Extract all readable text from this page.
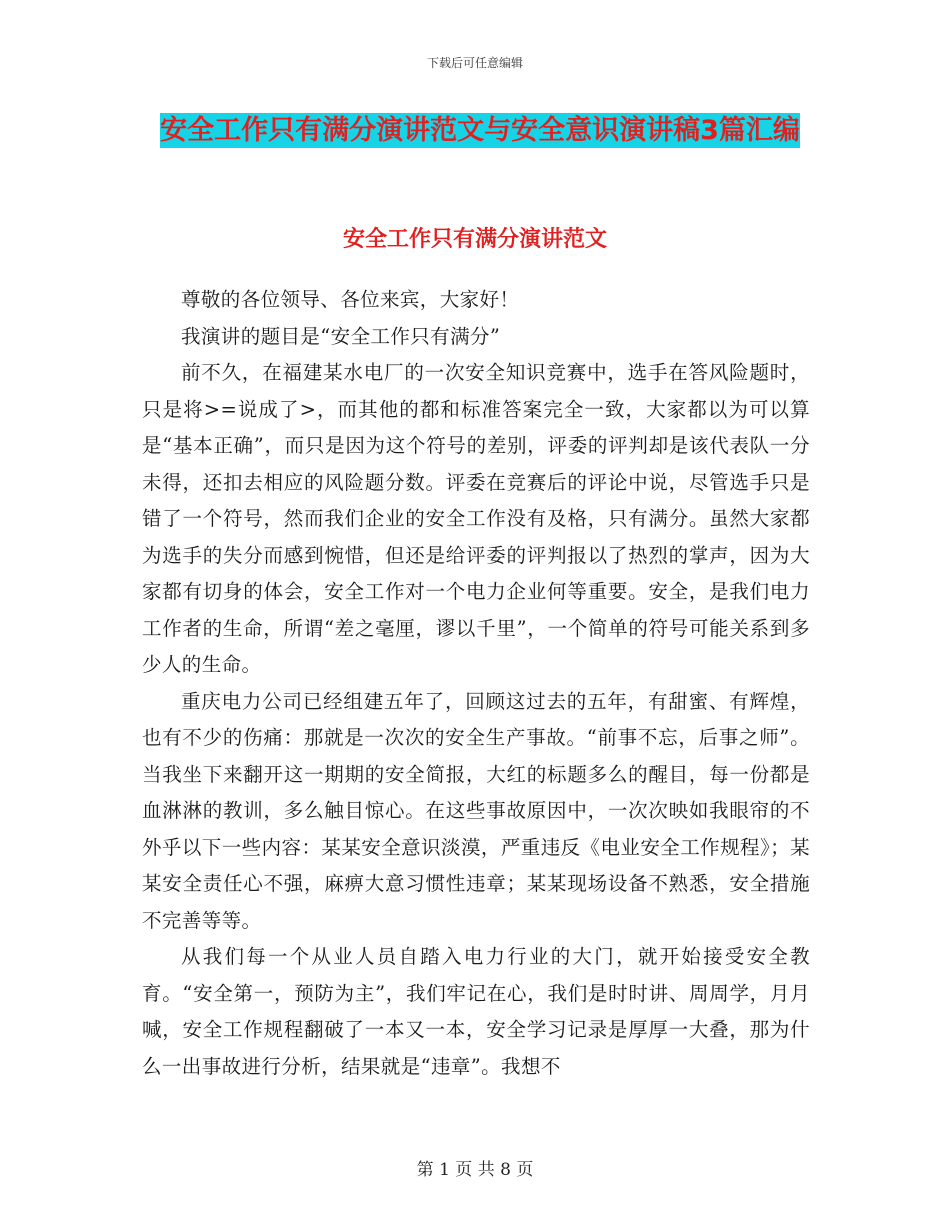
下载后可任意编辑
安全工作只有满分演讲范文与安全意识演讲稿3篇汇编
安全工作只有满分演讲范文

尊敬的各位领导、各位来宾，大家好！

我演讲的题目是“安全工作只有满分”

前不久，在福建某水电厂的一次安全知识竞赛中，选手在答风险题时，只是将>=说成了>，而其他的都和标准答案完全一致，大家都以为可以算是“基本正确”，而只是因为这个符号的差别，评委的评判却是该代表队一分未得，还扣去相应的风险题分数。评委在竞赛后的评论中说，尽管选手只是错了一个符号，然而我们企业的安全工作没有及格，只有满分。虽然大家都为选手的失分而感到惋惜，但还是给评委的评判报以了热烈的掌声，因为大家都有切身的体会，安全工作对一个电力企业何等重要。安全，是我们电力工作者的生命，所谓“差之毫厘，谬以千里”，一个简单的符号可能关系到多少人的生命。

重庆电力公司已经组建五年了，回顾这过去的五年，有甜蜜、有辉煌，也有不少的伤痛：那就是一次次的安全生产事故。“前事不忘，后事之师”。当我坐下来翻开这一期期的安全简报，大红的标题多么的醒目，每一份都是血淋淋的教训，多么触目惊心。在这些事故原因中，一次次映如我眼帘的不外乎以下一些内容：某某安全意识淡漠，严重违反《电业安全工作规程》；某某安全责任心不强，麻痹大意习惯性违章；某某现场设备不熟悉，安全措施不完善等等。

从我们每一个从业人员自踏入电力行业的大门，就开始接受安全教育。“安全第一，预防为主”，我们牢记在心，我们是时时讲、周周学，月月喊，安全工作规程翻破了一本又一本，安全学习记录是厚厚一大叠，那为什么一出事故进行分析，结果就是“违章”。我想不

第 1 页 共 8 页
